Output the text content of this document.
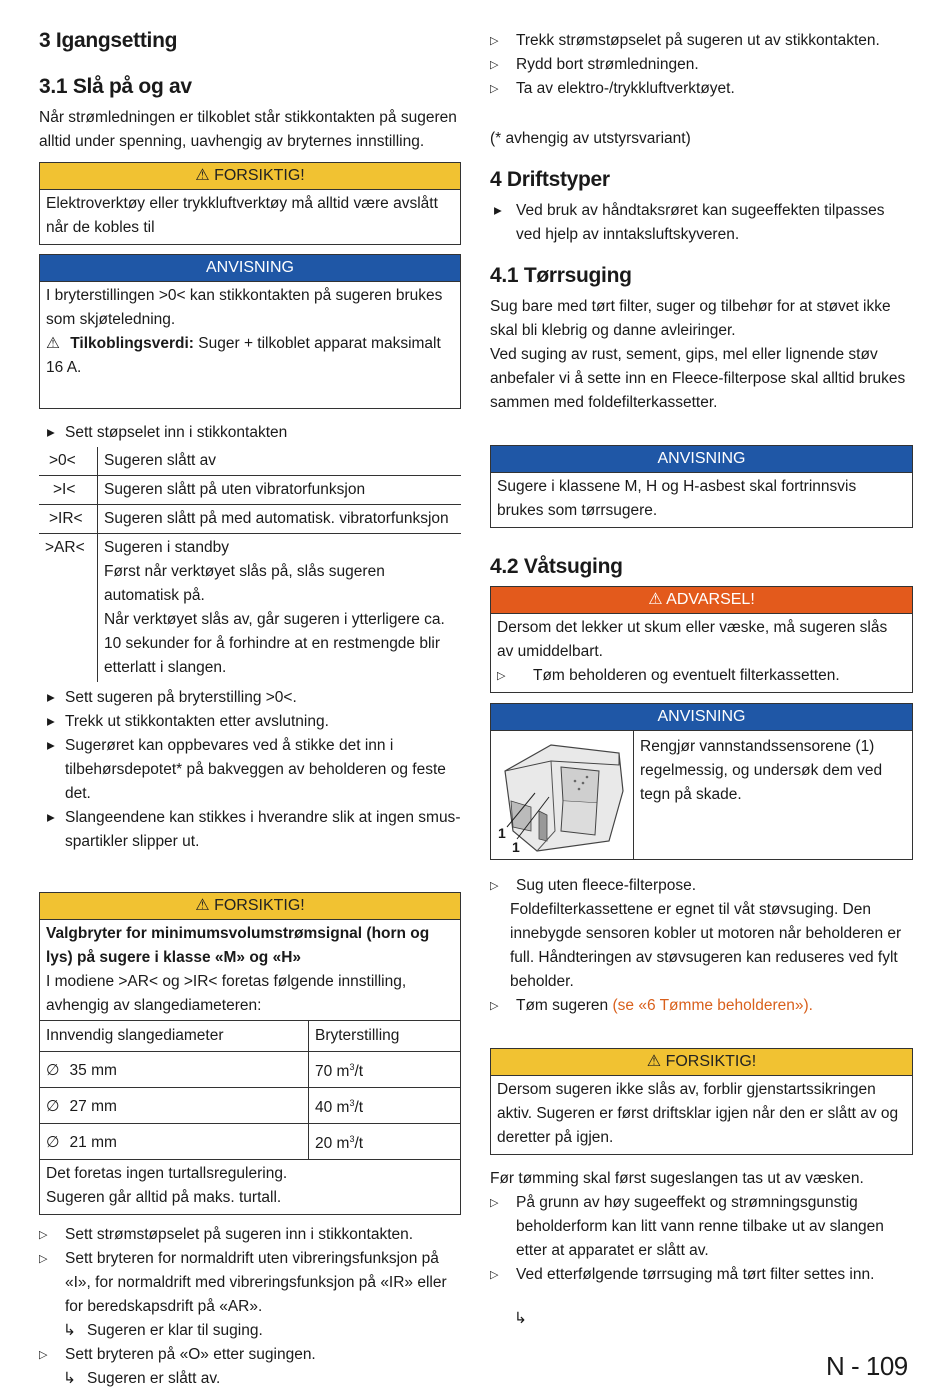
3 Igangsetting
3.1 Slå på og av

Når strømledningen er tilkoblet står stikkontakten på sugeren alltid under spenning, uavhengig av bryternes innstilling.

⚠ FORSIKTIG!
Elektroverktøy eller trykkluftverktøy må alltid være avslått når de kobles til
ANVISNING

I bryterstillingen >0< kan stikkontakten på sugeren brukes som skjøteledning.

⚠ Tilkoblingsverdi: Suger + tilkoblet apparat maksimalt 16 A.

▸ Sett støpselet inn i stikkontakten
>0<	Sugeren slått av
>I<	Sugeren slått på uten vibratorfunksjon
>IR<	Sugeren slått på med automatisk. vibratorfunksjon
>AR<	Sugeren i standby
Først når verktøyet slås på, slås sugeren automatisk på.
Når verktøyet slås av, går sugeren i ytterligere ca.
10 sekunder for å forhindre at en restmengde blir etterlatt i slangen.
▸ Sett sugeren på bryterstilling >0<.
▸ Trekk ut stikkontakten etter avslutning.
▸ Sugerøret kan oppbevares ved å stikke det inn i tilbehørsdepotet* på bakveggen av beholderen og feste det.
▸ Slangeendene kan stikkes i hverandre slik at ingen smusspartikler slipper ut.
⚠ FORSIKTIG!

Valgbryter for minimumsvolumstrømsignal (horn og lys) på sugere i klasse «M» og «H»

I modiene >AR< og >IR< foretas følgende innstilling, avhengig av slangediameteren:

Innvendig slangediameter	Bryterstilling
∅ 35 mm	70 $m^3/t$
∅ 27 mm	40 $m^3/t$
∅ 21 mm	20 $m^3/t$

Det foretas ingen turtallsregulering.

Sugeren går alltid på maks. turtall.

▷	Sett strømstøpselet på sugeren inn i stikkontakten.
▷	Sett bryteren for normaldrift uten vibreringsfunksjon på «I», for normaldrift med vibreringsfunksjon på «IR» eller for beredskapsdrift på «AR».
↳ Sugeren er klar til suging.
▷	Sett bryteren på «O» etter sugingen.
↳ Sugeren er slått av.
▷	Trekk strømstøpselet på sugeren ut av stikkontakten.
▷	Rydd bort strømledningen.
▷	Ta av elektro-/trykkluftverktøyet.

(* avhengig av utstyrsvariant)

4 Driftstyper
▸ Ved bruk av håndtaksrøret kan sugeeffekten tilpasses ved hjelp av inntaksluftskyveren.
4.1 Tørrsuging

Sug bare med tørt filter, suger og tilbehør for at støvet ikke skal bli klebrig og danne avleiringer.

Ved suging av rust, sement, gips, mel eller lignende støv anbefaler vi å sette inn en Fleece-filterpose skal alltid brukes sammen med foldefilterkassetter.

ANVISNING
Sugere i klassene M, H og H-asbest skal fortrinnsvis brukes som tørrsugere.
4.2 Våtsuging
⚠ ADVARSEL!

Dersom det lekker ut skum eller væske, må sugeren slås av umiddelbart.

▷	Tøm beholderen og eventuelt filterkassetten.
ANVISNING
1
1
Rengjør vannstandssensorene (1) regelmessig, og undersøk dem ved tegn på skade.
▷	Sug uten fleece-filterpose.

Foldefilterkassettene er egnet til våt støvsuging. Den innebygde sensoren kobler ut motoren når beholderen er full. Håndteringen av støvsugeren kan reduseres ved fylt beholder.

▷	Tøm sugeren (se «6 Tømme beholderen»).
⚠ FORSIKTIG!
Dersom sugeren ikke slås av, forblir gjenstartssikringen aktiv. Sugeren er først driftsklar igjen når den er slått av og deretter på igjen.

Før tømming skal først sugeslangen tas ut av væsken.

▷	På grunn av høy sugeeffekt og strømningsgunstig beholderform kan litt vann renne tilbake ut av slangen etter at apparatet er slått av.
▷	Ved etterfølgende tørrsuging må tørt filter settes inn.
↳
N - 109
